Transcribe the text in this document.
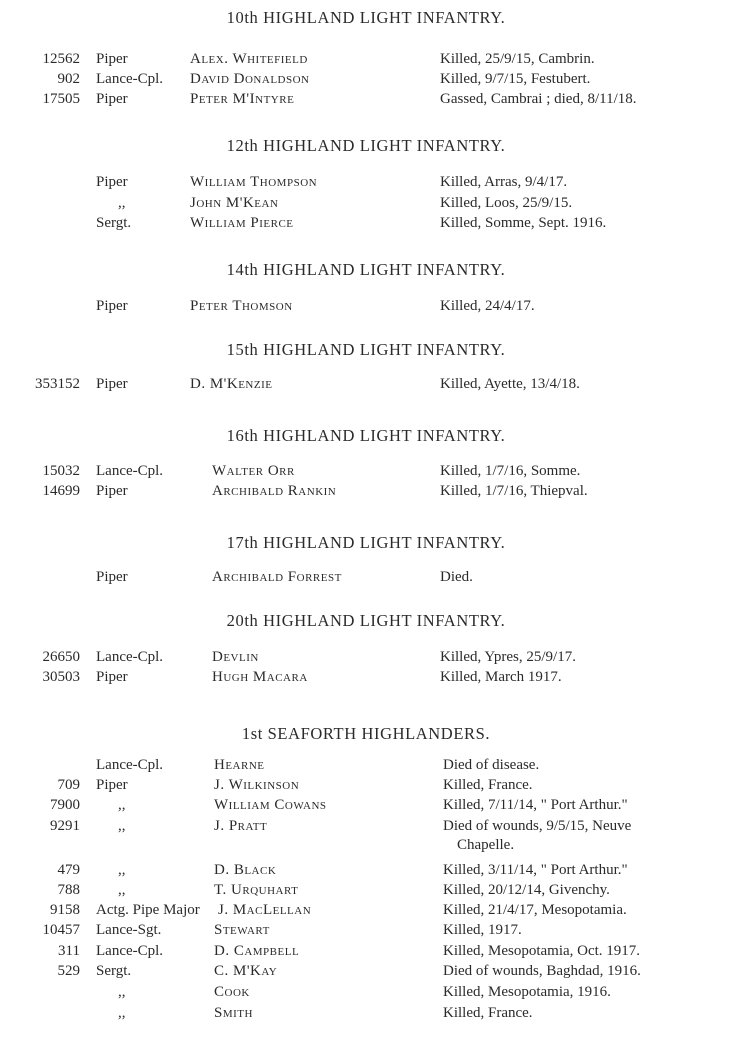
10th HIGHLAND LIGHT INFANTRY.
12562 Piper	Alex. Whitefield	Killed, 25/9/15, Cambrin.
902 Lance-Cpl. David Donaldson	Killed, 9/7/15, Festubert.
17505 Piper	Peter M'Intyre	Gassed, Cambrai ; died, 8/11/18.
12th HIGHLAND LIGHT INFANTRY.
Piper	William Thompson	Killed, Arras, 9/4/17.
,,	John M'Kean	Killed, Loos, 25/9/15.
Sergt.	William Pierce	Killed, Somme, Sept. 1916.
14th HIGHLAND LIGHT INFANTRY.
Piper	Peter Thomson	Killed, 24/4/17.
15th HIGHLAND LIGHT INFANTRY.
353152 Piper	D. M'Kenzie	Killed, Ayette, 13/4/18.
16th HIGHLAND LIGHT INFANTRY.
15032 Lance-Cpl.	Walter Orr	Killed, 1/7/16, Somme.
14699 Piper	Archibald Rankin	Killed, 1/7/16, Thiepval.
17th HIGHLAND LIGHT INFANTRY.
Piper	Archibald Forrest	Died.
20th HIGHLAND LIGHT INFANTRY.
26650 Lance-Cpl.	Devlin	Killed, Ypres, 25/9/17.
30503 Piper	Hugh Macara	Killed, March 1917.
1st SEAFORTH HIGHLANDERS.
Lance-Cpl.	Hearne	Died of disease.
709 Piper	J. Wilkinson	Killed, France.
7900	,,	William Cowans	Killed, 7/11/14, " Port Arthur."
9291	,,	J. Pratt	Died of wounds, 9/5/15, Neuve
Chapelle.
479	,,	D. Black	Killed, 3/11/14, " Port Arthur."
788	,,	T. Urquhart	Killed, 20/12/14, Givenchy.
9158 Actg. Pipe Major J. MacLellan	Killed, 21/4/17, Mesopotamia.
10457 Lance-Sgt.	Stewart	Killed, 1917.
311 Lance-Cpl.	D. Campbell	Killed, Mesopotamia, Oct. 1917.
529 Sergt.	C. M'Kay	Died of wounds, Baghdad, 1916.
,,	Cook	Killed, Mesopotamia, 1916.
,,	Smith	Killed, France.
